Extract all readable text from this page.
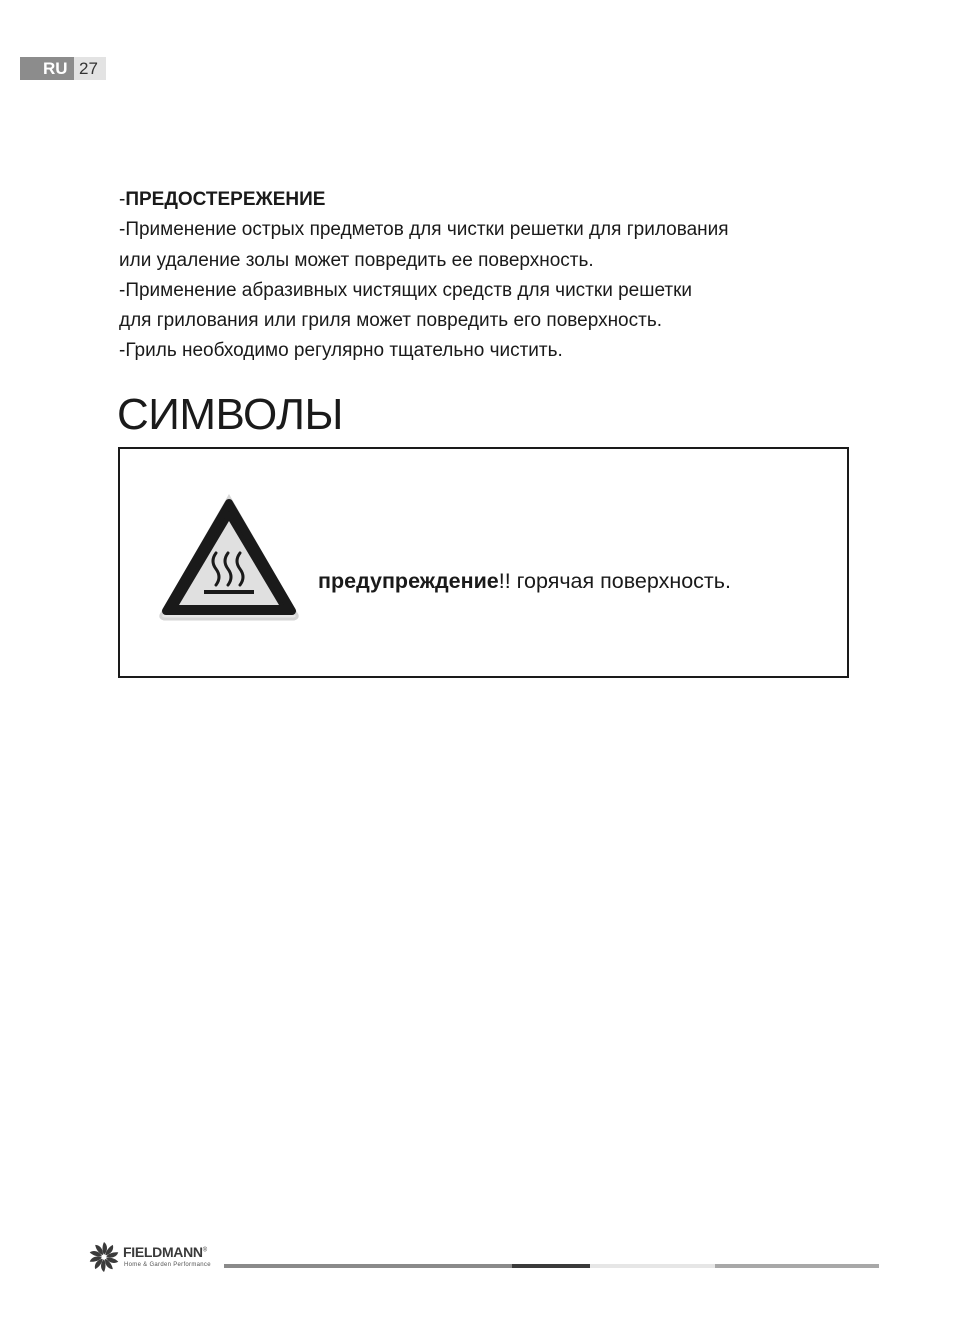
RU 27

-ПРЕДОСТЕРЕЖЕНИЕ

-Применение острых предметов для чистки решетки для грилования

или удаление золы может повредить ее поверхность.

-Применение абразивных чистящих средств для чистки решетки

для грилования или гриля может повредить его поверхность.

-Гриль необходимо регулярно тщательно чистить.

СИМВОЛЫ
предупреждение!! горячая поверхность.
FIELDMANN®
Home & Garden Performance
